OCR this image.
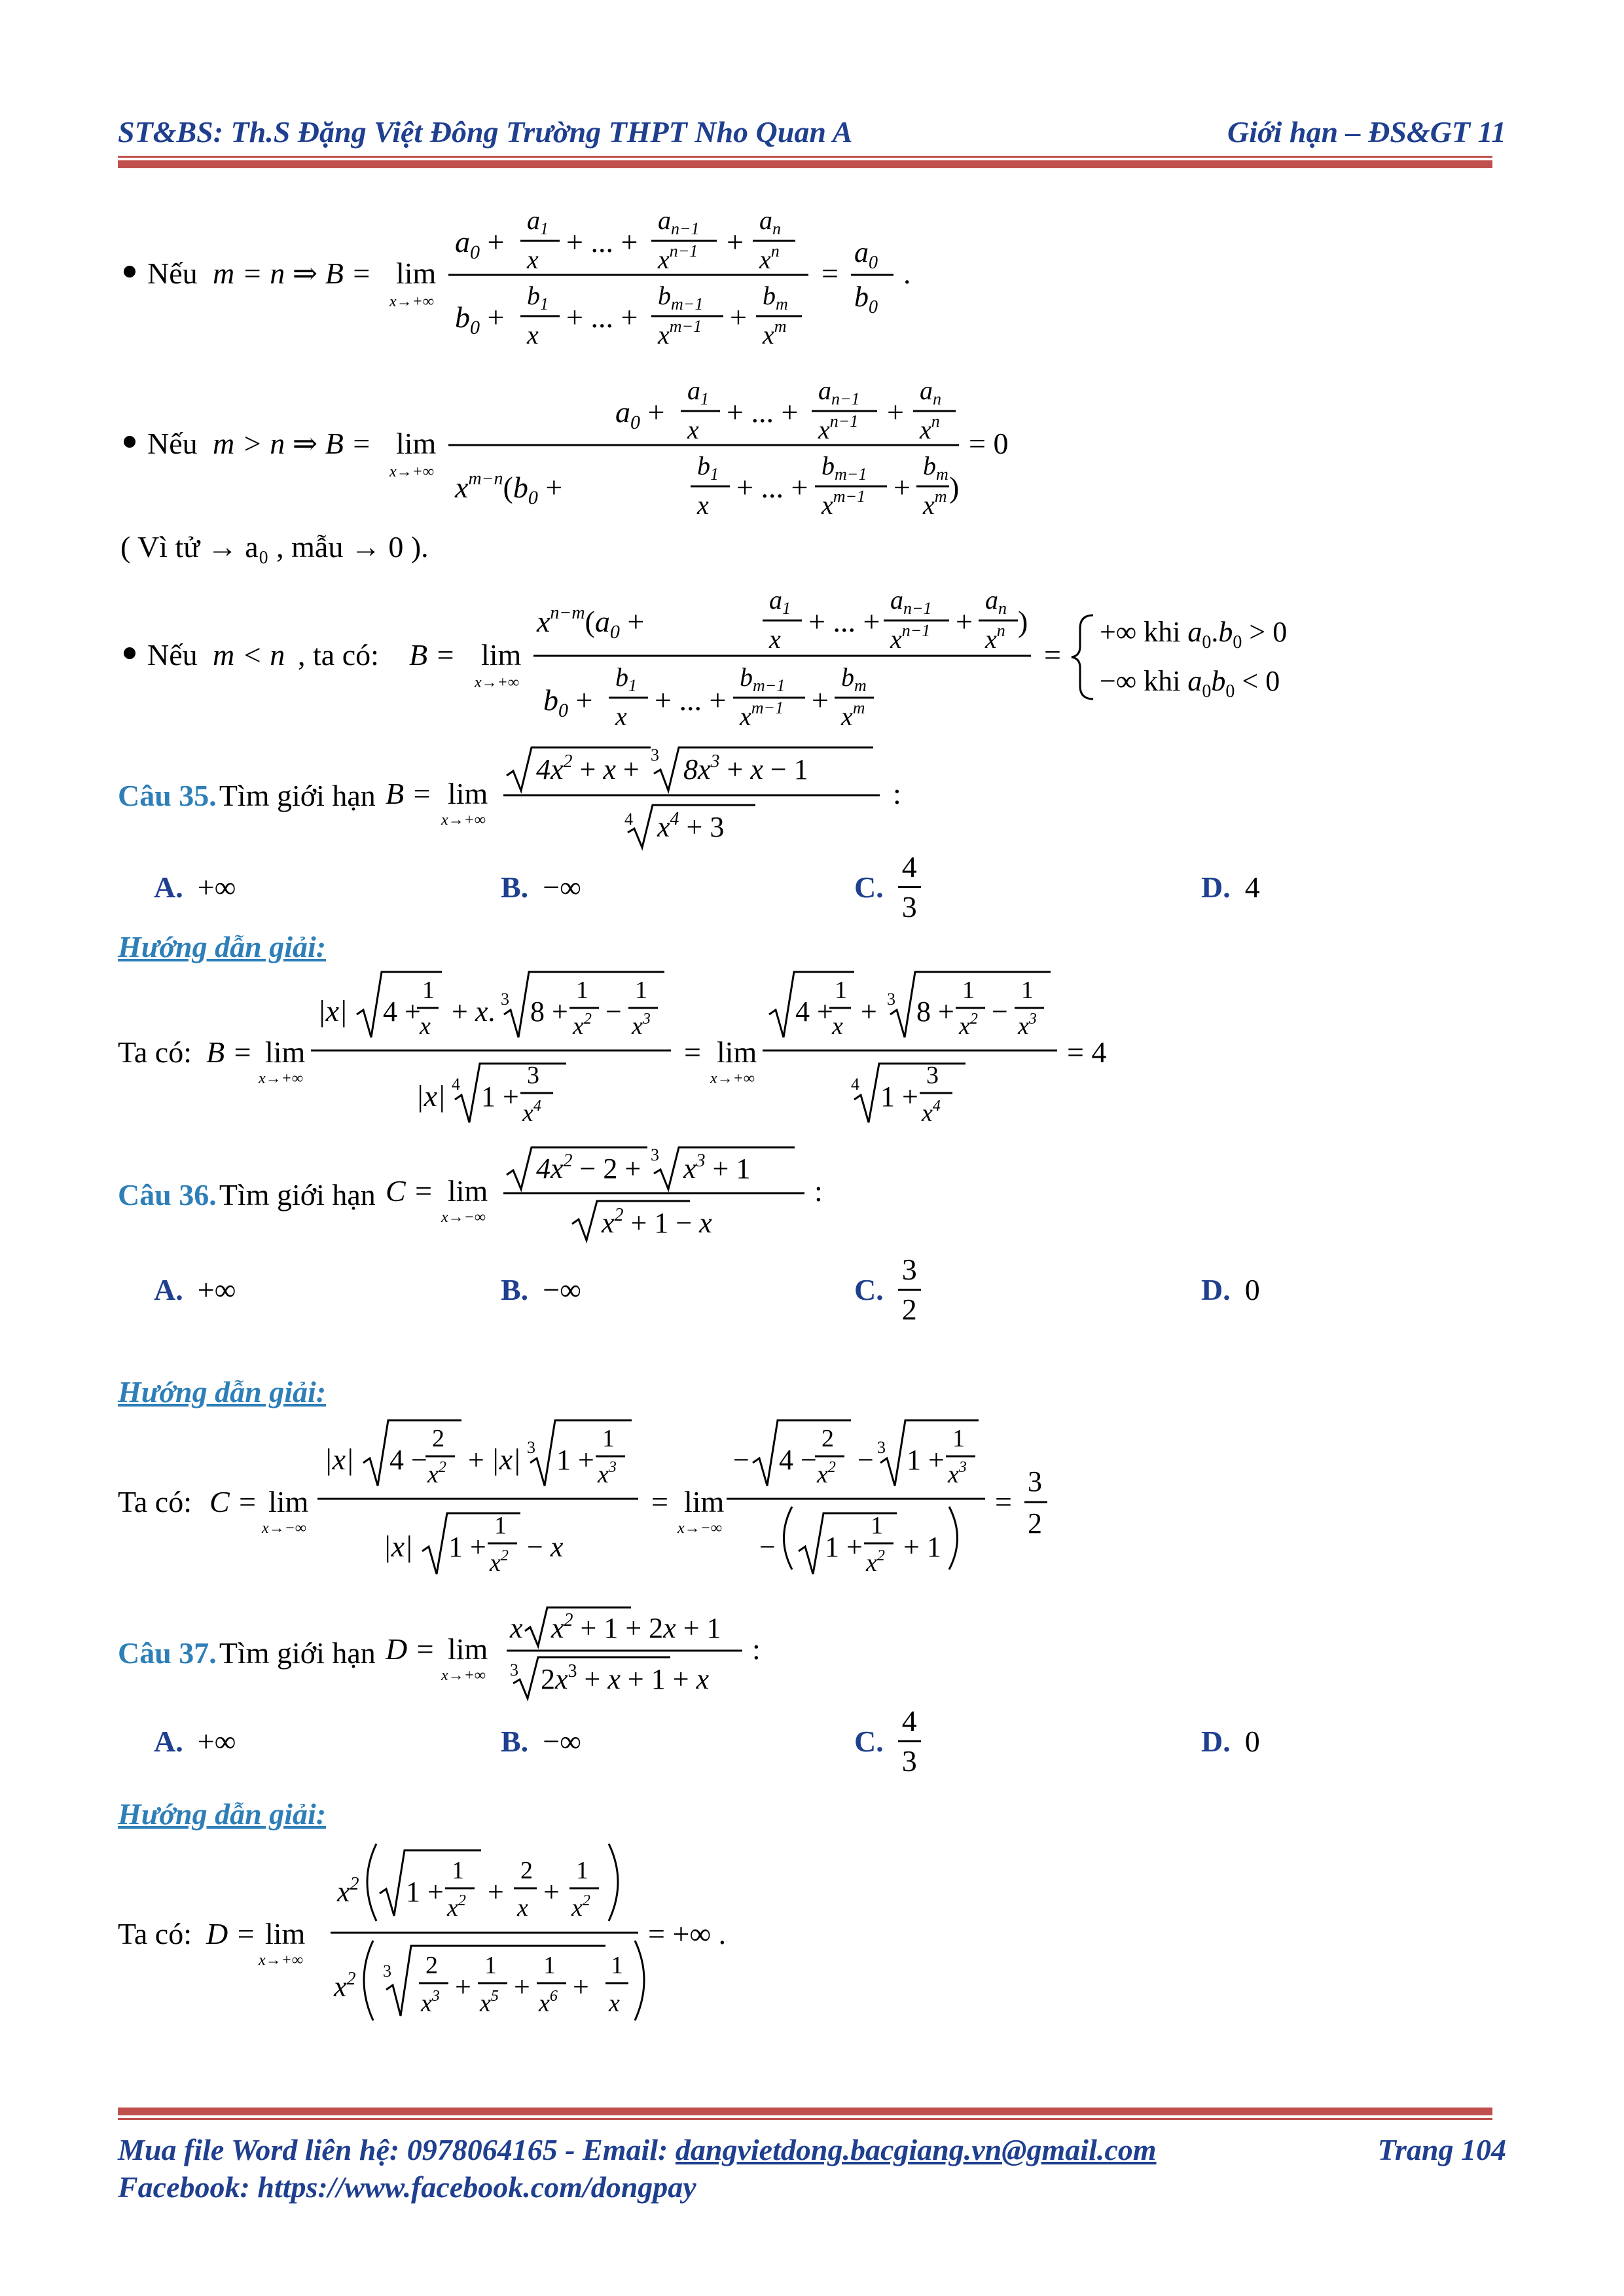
ST&BS: Th.S Đặng Việt Đông Trường THPT Nho Quan A	Giới hạn – ĐS&GT 11
Nếu m = n ⇒ B = lim
x→+∞
$a_0$ +
$a_1$
x
+ ... +
$a_{n-1}$
$x^{n-1}$ +
$a_n$
$x^n$
$b_0$ +
$b_1$
x
+ ... +
$b_{m-1}$
$x^{m-1}$ +
$b_m$
$x^m$
=
$a_0$
$b_0$
.
Nếu m > n ⇒ B = lim
x→+∞
$a_0$ +
$a_1$
x
+ ... +
$a_{n-1}$
$x^{n-1}$ +
$a_n$
$x^n$
$x^{m-n}(b_0$ +
$b_1$
x
+ ... +
$b_{m-1}$
$x^{m-1}$ +
$b_m$
$x^m$ )
= 0
( Vì tử → a₀ , mẫu → 0 ).
Nếu m < n , ta có: B = lim
x→+∞
$x^{n-m}(a_0$ +
$a_1$
x
+ ... +
$a_{n-1}$
$x^{n-1}$ +
$a_n$
$x^n$ )
$b_0$ +
$b_1$
x + ... +
$b_{m-1}$
$x^{m-1}$ +
$b_m$
$x^m$
=
+∞ khi $a_0.b_0 > 0$
−∞ khi $a_0b_0 < 0$
Câu 35. Tìm giới hạn B = lim
x→+∞
$4x^2 + x + 3$ $8x^3 + x - 1$
4 $x^4 + 3$
:
A. +∞	B. −∞	C. $\frac{4}{3}$	D. 4
Hướng dẫn giải:
Ta có: B = lim
x→+∞
|x| 4 +
1
x + x. 3 8 +
1
$x^2$ −
1
$x^3$
|x| 4 1 +
3
$x^4$
= lim
x→+∞
4 +
1
x + 3 8 +
1
$x^2$ −
1
$x^3$
4 1 +
3
$x^4$
= 4
Câu 36. Tìm giới hạn C = lim
x→−∞
$4x^2 - 2 + 3$ $x^3 + 1$
$x^2 + 1 - x$
:
A. +∞	B. −∞	C. $\frac{3}{2}$	D. 0
Hướng dẫn giải:
Ta có: C = lim
x→−∞
|x| 4 −
2
$x^2 + |x|$ 3 1 +
1
$x^3$
|x| 1 +
1
$x^2 - x$
= lim
x→−∞
− 4 −
2
$x^2 - 3$ 1 +
1
$x^3$
− 1 +
1
$x^2 + 1$
=
3
2
Câu 37. Tìm giới hạn D = lim
x→+∞
x $x^2 + 1 + 2x + 1$
3 $2x^3 + x + 1 + x$
:
A. +∞	B. −∞	C. $\frac{4}{3}$	D. 0
Hướng dẫn giải:
Ta có: D = lim
x→+∞
$x^2$ 1 +
1
$x^2$ +
2
x +
1
$x^2$
$x^2$ 3 2
$x^3$ +
1
$x^5$ +
1
$x^6$ +
1
x
= +∞ .
Mua file Word liên hệ: 0978064165 - Email: dangvietdong.bacgiang.vn@gmail.com	Trang 104
Facebook: https://www.facebook.com/dongpay
